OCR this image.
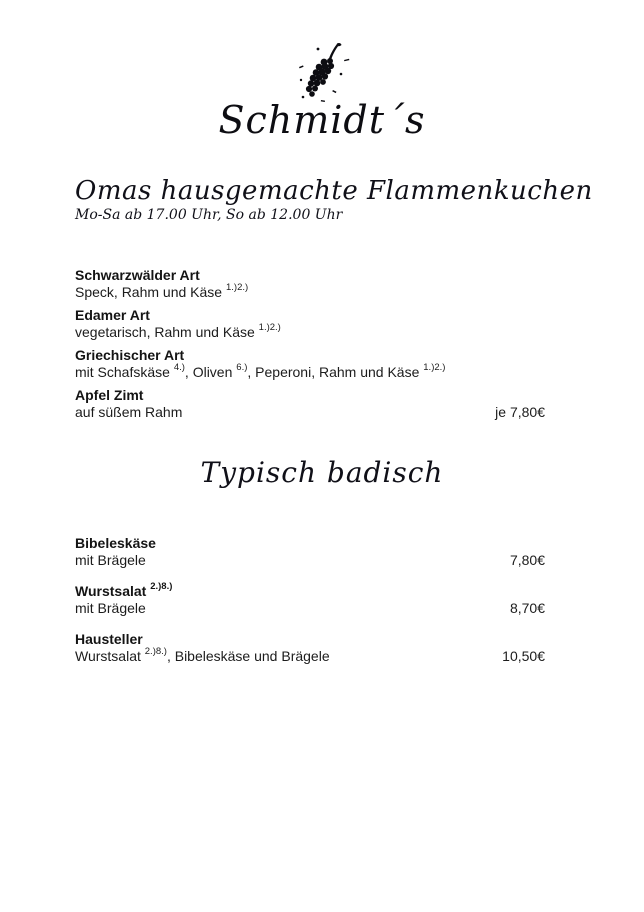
Schmidt´s
Omas hausgemachte Flammenkuchen
Mo-Sa ab 17.00 Uhr, So ab 12.00 Uhr
Schwarzwälder Art
Speck, Rahm und Käse $^{1.)2.)}$
Edamer Art
vegetarisch, Rahm und Käse $^{1.)2.)}$
Griechischer Art
mit Schafskäse $^{4.)}$, Oliven $^{6.)}$, Peperoni, Rahm und Käse $^{1.)2.)}$
Apfel Zimt
auf süßem Rahm	je 7,80€
Typisch badisch
Bibeleskäse
mit Brägele	7,80€
Wurstsalat $^{2.)8.)}$
mit Brägele	8,70€
Hausteller
Wurstsalat $^{2.)8.)}$, Bibeleskäse und Brägele	10,50€
